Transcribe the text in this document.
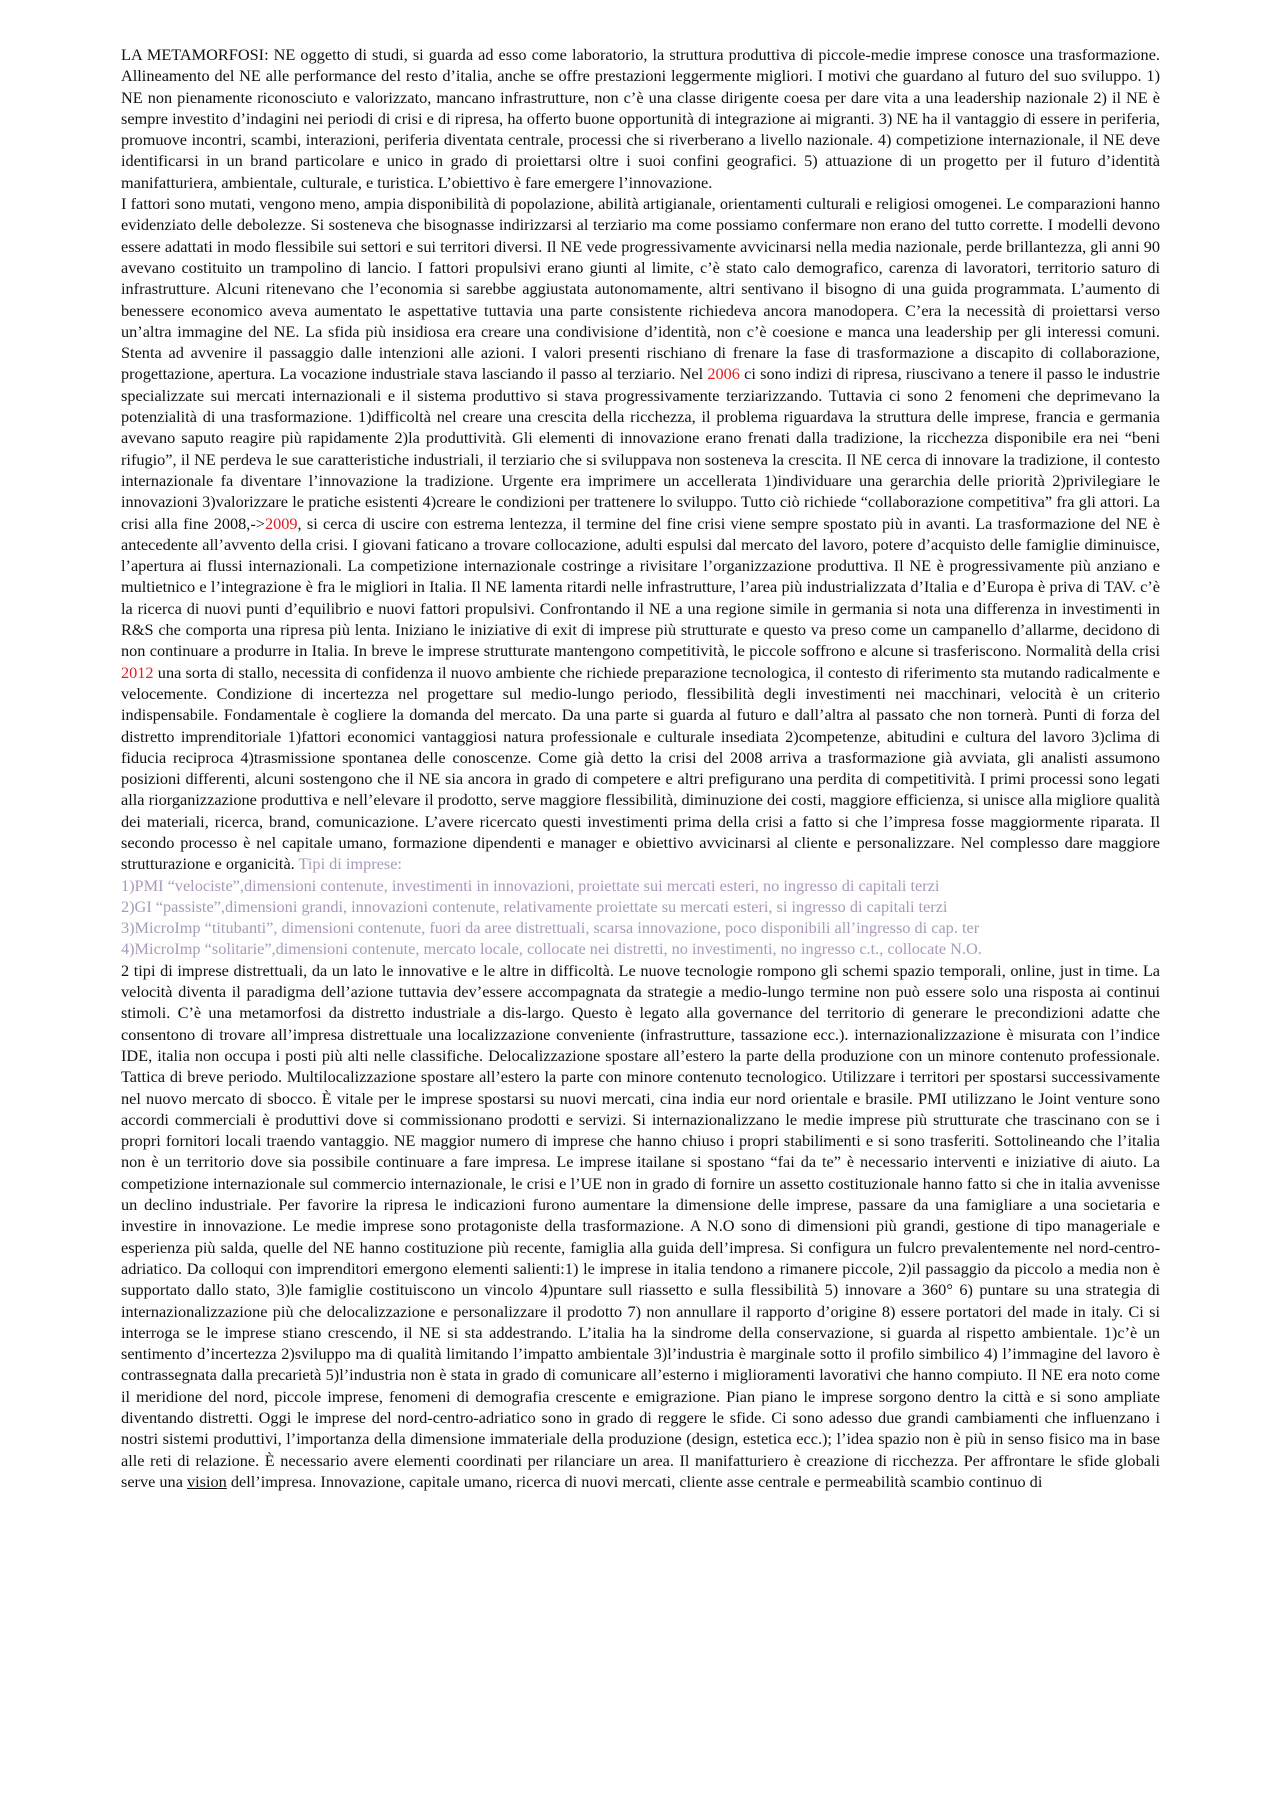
LA METAMORFOSI: NE oggetto di studi, si guarda ad esso come laboratorio, la struttura produttiva di piccole-medie imprese conosce una trasformazione. Allineamento del NE alle performance del resto d’italia, anche se offre prestazioni leggermente migliori. I motivi che guardano al futuro del suo sviluppo. 1) NE non pienamente riconosciuto e valorizzato, mancano infrastrutture, non c’è una classe dirigente coesa per dare vita a una leadership nazionale 2) il NE è sempre investito d’indagini nei periodi di crisi e di ripresa, ha offerto buone opportunità di integrazione ai migranti. 3) NE ha il vantaggio di essere in periferia, promuove incontri, scambi, interazioni, periferia diventata centrale, processi che si riverberano a livello nazionale. 4) competizione internazionale, il NE deve identificarsi in un brand particolare e unico in grado di proiettarsi oltre i suoi confini geografici. 5) attuazione di un progetto per il futuro d’identità manifatturiera, ambientale, culturale, e turistica. L’obiettivo è fare emergere l’innovazione.

I fattori sono mutati, vengono meno, ampia disponibilità di popolazione, abilità artigianale, orientamenti culturali e religiosi omogenei. Le comparazioni hanno evidenziato delle debolezze. Si sosteneva che bisognasse indirizzarsi al terziario ma come possiamo confermare non erano del tutto corrette. I modelli devono essere adattati in modo flessibile sui settori e sui territori diversi. Il NE vede progressivamente avvicinarsi nella media nazionale, perde brillantezza, gli anni 90 avevano costituito un trampolino di lancio. I fattori propulsivi erano giunti al limite, c’è stato calo demografico, carenza di lavoratori, territorio saturo di infrastrutture. Alcuni ritenevano che l’economia si sarebbe aggiustata autonomamente, altri sentivano il bisogno di una guida programmata. L’aumento di benessere economico aveva aumentato le aspettative tuttavia una parte consistente richiedeva ancora manodopera. C’era la necessità di proiettarsi verso un’altra immagine del NE. La sfida più insidiosa era creare una condivisione d’identità, non c’è coesione e manca una leadership per gli interessi comuni. Stenta ad avvenire il passaggio dalle intenzioni alle azioni. I valori presenti rischiano di frenare la fase di trasformazione a discapito di collaborazione, progettazione, apertura. La vocazione industriale stava lasciando il passo al terziario. Nel 2006 ci sono indizi di ripresa, riuscivano a tenere il passo le industrie specializzate sui mercati internazionali e il sistema produttivo si stava progressivamente terziarizzando. Tuttavia ci sono 2 fenomeni che deprimevano la potenzialità di una trasformazione. 1)difficoltà nel creare una crescita della ricchezza, il problema riguardava la struttura delle imprese, francia e germania avevano saputo reagire più rapidamente 2)la produttività. Gli elementi di innovazione erano frenati dalla tradizione, la ricchezza disponibile era nei “beni rifugio”, il NE perdeva le sue caratteristiche industriali, il terziario che si sviluppava non sosteneva la crescita. Il NE cerca di innovare la tradizione, il contesto internazionale fa diventare l’innovazione la tradizione. Urgente era imprimere un accellerata 1)individuare una gerarchia delle priorità 2)privilegiare le innovazioni 3)valorizzare le pratiche esistenti 4)creare le condizioni per trattenere lo sviluppo. Tutto ciò richiede “collaborazione competitiva” fra gli attori. La crisi alla fine 2008,->2009, si cerca di uscire con estrema lentezza, il termine del fine crisi viene sempre spostato più in avanti. La trasformazione del NE è antecedente all’avvento della crisi. I giovani faticano a trovare collocazione, adulti espulsi dal mercato del lavoro, potere d’acquisto delle famiglie diminuisce, l’apertura ai flussi internazionali. La competizione internazionale costringe a rivisitare l’organizzazione produttiva. Il NE è progressivamente più anziano e multietnico e l’integrazione è fra le migliori in Italia. Il NE lamenta ritardi nelle infrastrutture, l’area più industrializzata d’Italia e d’Europa è priva di TAV. c’è la ricerca di nuovi punti d’equilibrio e nuovi fattori propulsivi. Confrontando il NE a una regione simile in germania si nota una differenza in investimenti in R&S che comporta una ripresa più lenta. Iniziano le iniziative di exit di imprese più strutturate e questo va preso come un campanello d’allarme, decidono di non continuare a produrre in Italia. In breve le imprese strutturate mantengono competitività, le piccole soffrono e alcune si trasferiscono. Normalità della crisi 2012 una sorta di stallo, necessita di confidenza il nuovo ambiente che richiede preparazione tecnologica, il contesto di riferimento sta mutando radicalmente e velocemente. Condizione di incertezza nel progettare sul medio-lungo periodo, flessibilità degli investimenti nei macchinari, velocità è un criterio indispensabile. Fondamentale è cogliere la domanda del mercato. Da una parte si guarda al futuro e dall’altra al passato che non tornerà. Punti di forza del distretto imprenditoriale 1)fattori economici vantaggiosi natura professionale e culturale insediata 2)competenze, abitudini e cultura del lavoro 3)clima di fiducia reciproca 4)trasmissione spontanea delle conoscenze. Come già detto la crisi del 2008 arriva a trasformazione già avviata, gli analisti assumono posizioni differenti, alcuni sostengono che il NE sia ancora in grado di competere e altri prefigurano una perdita di competitività. I primi processi sono legati alla riorganizzazione produttiva e nell’elevare il prodotto, serve maggiore flessibilità, diminuzione dei costi, maggiore efficienza, si unisce alla migliore qualità dei materiali, ricerca, brand, comunicazione. L’avere ricercato questi investimenti prima della crisi a fatto si che l’impresa fosse maggiormente riparata. Il secondo processo è nel capitale umano, formazione dipendenti e manager e obiettivo avvicinarsi al cliente e personalizzare. Nel complesso dare maggiore strutturazione e organicità. Tipi di imprese:

1)PMI “velociste”,dimensioni contenute, investimenti in innovazioni, proiettate sui mercati esteri, no ingresso di capitali terzi
2)GI “passiste”,dimensioni grandi, innovazioni contenute, relativamente proiettate su mercati esteri, si ingresso di capitali terzi
3)MicroImp “titubanti”, dimensioni contenute, fuori da aree distrettuali, scarsa innovazione, poco disponibili all’ingresso di cap. ter
4)MicroImp “solitarie”,dimensioni contenute, mercato locale, collocate nei distretti, no investimenti, no ingresso c.t., collocate N.O.

2 tipi di imprese distrettuali, da un lato le innovative e le altre in difficoltà. Le nuove tecnologie rompono gli schemi spazio temporali, online, just in time. La velocità diventa il paradigma dell’azione tuttavia dev’essere accompagnata da strategie a medio-lungo termine non può essere solo una risposta ai continui stimoli. C’è una metamorfosi da distretto industriale a dis-largo. Questo è legato alla governance del territorio di generare le precondizioni adatte che consentono di trovare all’impresa distrettuale una localizzazione conveniente (infrastrutture, tassazione ecc.). internazionalizzazione è misurata con l’indice IDE, italia non occupa i posti più alti nelle classifiche. Delocalizzazione spostare all’estero la parte della produzione con un minore contenuto professionale. Tattica di breve periodo. Multilocalizzazione spostare all’estero la parte con minore contenuto tecnologico. Utilizzare i territori per spostarsi successivamente nel nuovo mercato di sbocco. È vitale per le imprese spostarsi su nuovi mercati, cina india eur nord orientale e brasile. PMI utilizzano le Joint venture sono accordi commerciali è produttivi dove si commissionano prodotti e servizi. Si internazionalizzano le medie imprese più strutturate che trascinano con se i propri fornitori locali traendo vantaggio. NE maggior numero di imprese che hanno chiuso i propri stabilimenti e si sono trasferiti. Sottolineando che l’italia non è un territorio dove sia possibile continuare a fare impresa. Le imprese itailane si spostano “fai da te” è necessario interventi e iniziative di aiuto. La competizione internazionale sul commercio internazionale, le crisi e l’UE non in grado di fornire un assetto costituzionale hanno fatto si che in italia avvenisse un declino industriale. Per favorire la ripresa le indicazioni furono aumentare la dimensione delle imprese, passare da una famigliare a una societaria e investire in innovazione. Le medie imprese sono protagoniste della trasformazione. A N.O sono di dimensioni più grandi, gestione di tipo manageriale e esperienza più salda, quelle del NE hanno costituzione più recente, famiglia alla guida dell’impresa. Si configura un fulcro prevalentemente nel nord-centro-adriatico. Da colloqui con imprenditori emergono elementi salienti:1) le imprese in italia tendono a rimanere piccole, 2)il passaggio da piccolo a media non è supportato dallo stato, 3)le famiglie costituiscono un vincolo 4)puntare sull riassetto e sulla flessibilità 5) innovare a 360° 6) puntare su una strategia di internazionalizzazione più che delocalizzazione e personalizzare il prodotto 7) non annullare il rapporto d’origine 8) essere portatori del made in italy. Ci si interroga se le imprese stiano crescendo, il NE si sta addestrando. L’italia ha la sindrome della conservazione, si guarda al rispetto ambientale. 1)c’è un sentimento d’incertezza 2)sviluppo ma di qualità limitando l’impatto ambientale 3)l’industria è marginale sotto il profilo simbilico 4) l’immagine del lavoro è contrassegnata dalla precarietà 5)l’industria non è stata in grado di comunicare all’esterno i miglioramenti lavorativi che hanno compiuto. Il NE era noto come il meridione del nord, piccole imprese, fenomeni di demografia crescente e emigrazione. Pian piano le imprese sorgono dentro la città e si sono ampliate diventando distretti. Oggi le imprese del nord-centro-adriatico sono in grado di reggere le sfide. Ci sono adesso due grandi cambiamenti che influenzano i nostri sistemi produttivi, l’importanza della dimensione immateriale della produzione (design, estetica ecc.); l’idea spazio non è più in senso fisico ma in base alle reti di relazione. È necessario avere elementi coordinati per rilanciare un area. Il manifatturiero è creazione di ricchezza. Per affrontare le sfide globali serve una vision dell’impresa. Innovazione, capitale umano, ricerca di nuovi mercati, cliente asse centrale e permeabilità scambio continuo di
